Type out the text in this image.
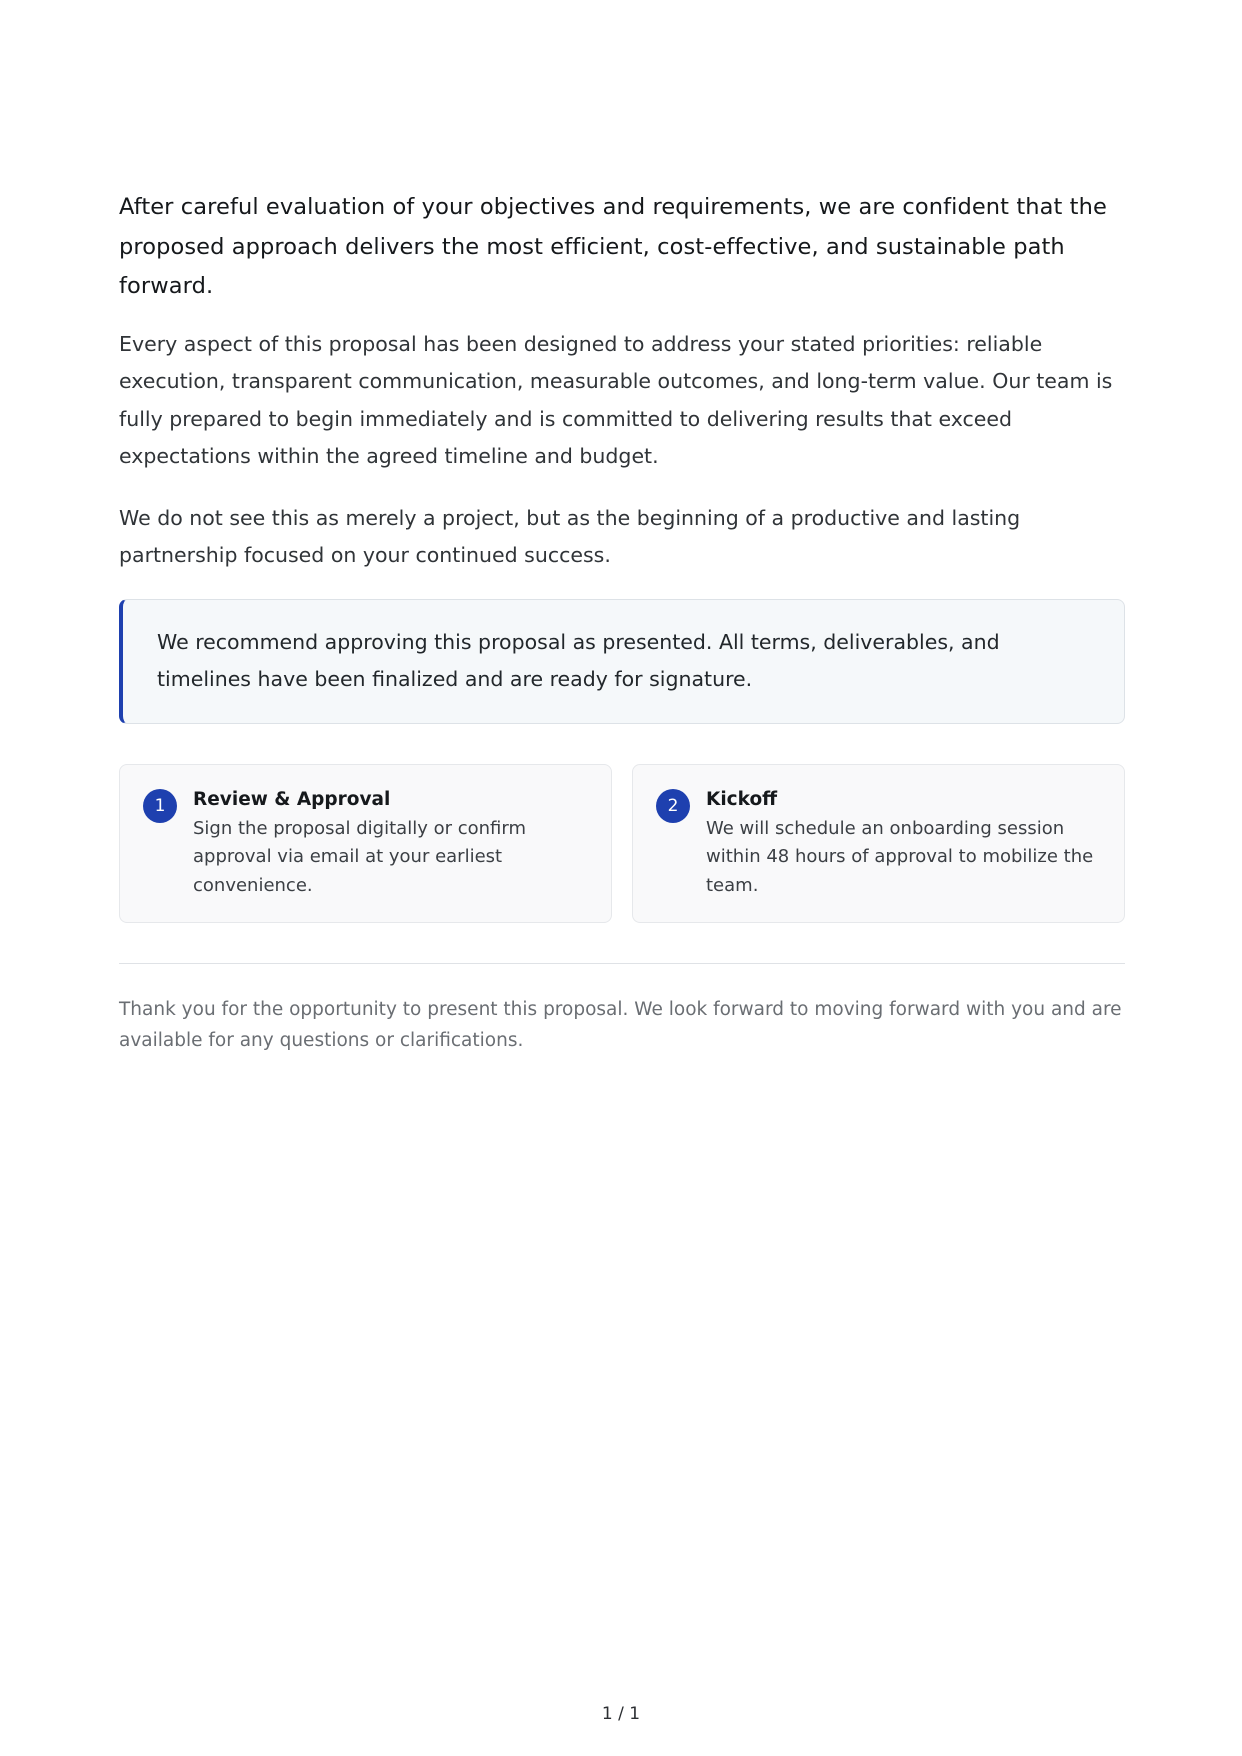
After careful evaluation of your objectives and requirements, we are confident that the proposed approach delivers the most efficient, cost-effective, and sustainable path forward.

Every aspect of this proposal has been designed to address your stated priorities: reliable execution, transparent communication, measurable outcomes, and long-term value. Our team is fully prepared to begin immediately and is committed to delivering results that exceed expectations within the agreed timeline and budget.

We do not see this as merely a project, but as the beginning of a productive and lasting partnership focused on your continued success.

We recommend approving this proposal as presented. All terms, deliverables, and timelines have been finalized and are ready for signature.

1	Review & Approval

Sign the proposal digitally or confirm approval via email at your earliest convenience.

2	Kickoff

We will schedule an onboarding session within 48 hours of approval to mobilize the team.

Thank you for the opportunity to present this proposal. We look forward to moving forward with you and are available for any questions or clarifications.

1 / 1
